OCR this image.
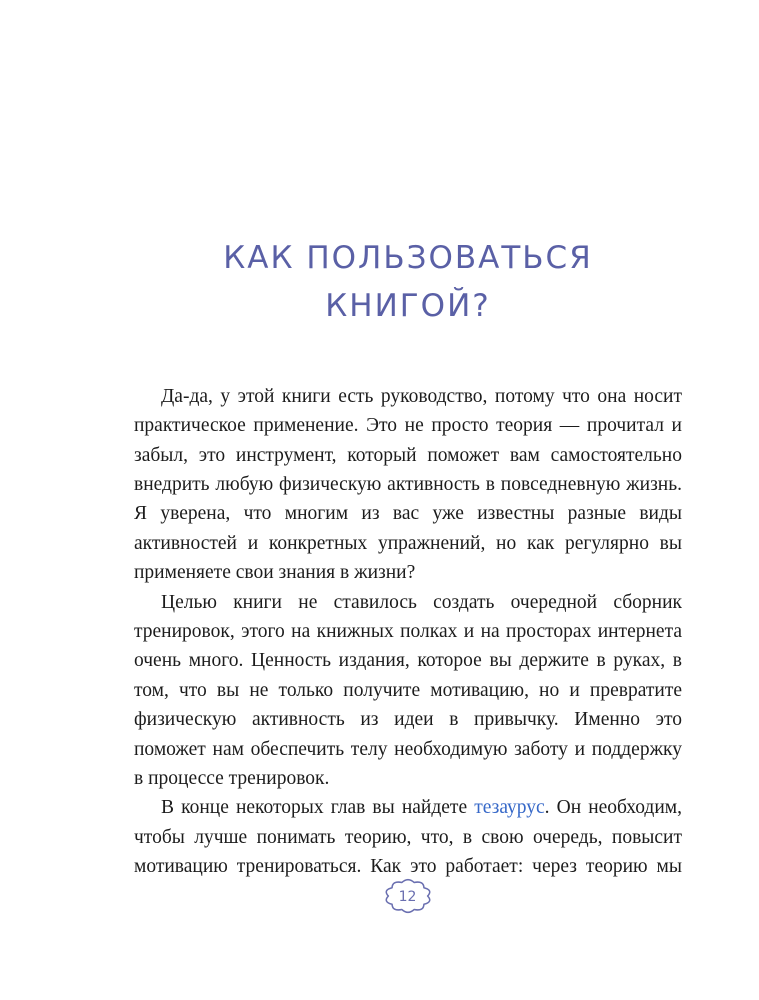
КАК ПОЛЬЗОВАТЬСЯ
КНИГОЙ?

Да-да, у этой книги есть руководство, потому что она носит практическое применение. Это не просто теория — прочитал и забыл, это инструмент, который поможет вам самостоятельно внедрить любую физическую активность в повседневную жизнь. Я уверена, что многим из вас уже известны разные виды активностей и конкретных упражнений, но как регулярно вы применяете свои знания в жизни?

Целью книги не ставилось создать очередной сборник тренировок, этого на книжных полках и на просторах интернета очень много. Ценность издания, которое вы держите в руках, в том, что вы не только получите мотивацию, но и превратите физическую активность из идеи в привычку. Именно это поможет нам обеспечить телу необходимую заботу и поддержку в процессе тренировок.

В конце некоторых глав вы найдете тезаурус. Он необходим, чтобы лучше понимать теорию, что, в свою очередь, повысит мотивацию тренироваться. Как это работает: через теорию мы

12
